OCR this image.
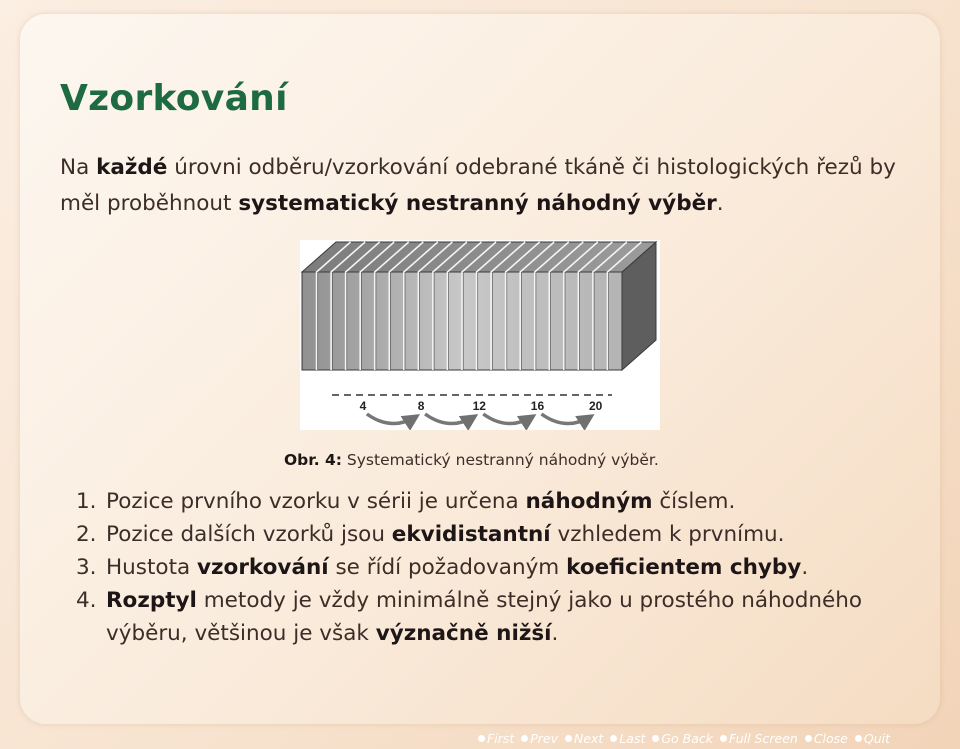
Vzorkování

Na každé úrovni odběru/vzorkování odebrané tkáně či histologických řezů by měl proběhnout systematický nestranný náhodný výběr.

4	8	12	16	20

Obr. 4: Systematický nestranný náhodný výběr.

1. Pozice prvního vzorku v sérii je určena náhodným číslem.
2. Pozice dalších vzorků jsou ekvidistantní vzhledem k prvnímu.
3. Hustota vzorkování se řídí požadovaným koeficientem chyby.
4. Rozptyl metody je vždy minimálně stejný jako u prostého náhodného výběru, většinou je však význačně nižší.
First Prev Next Last Go Back Full Screen Close Quit
